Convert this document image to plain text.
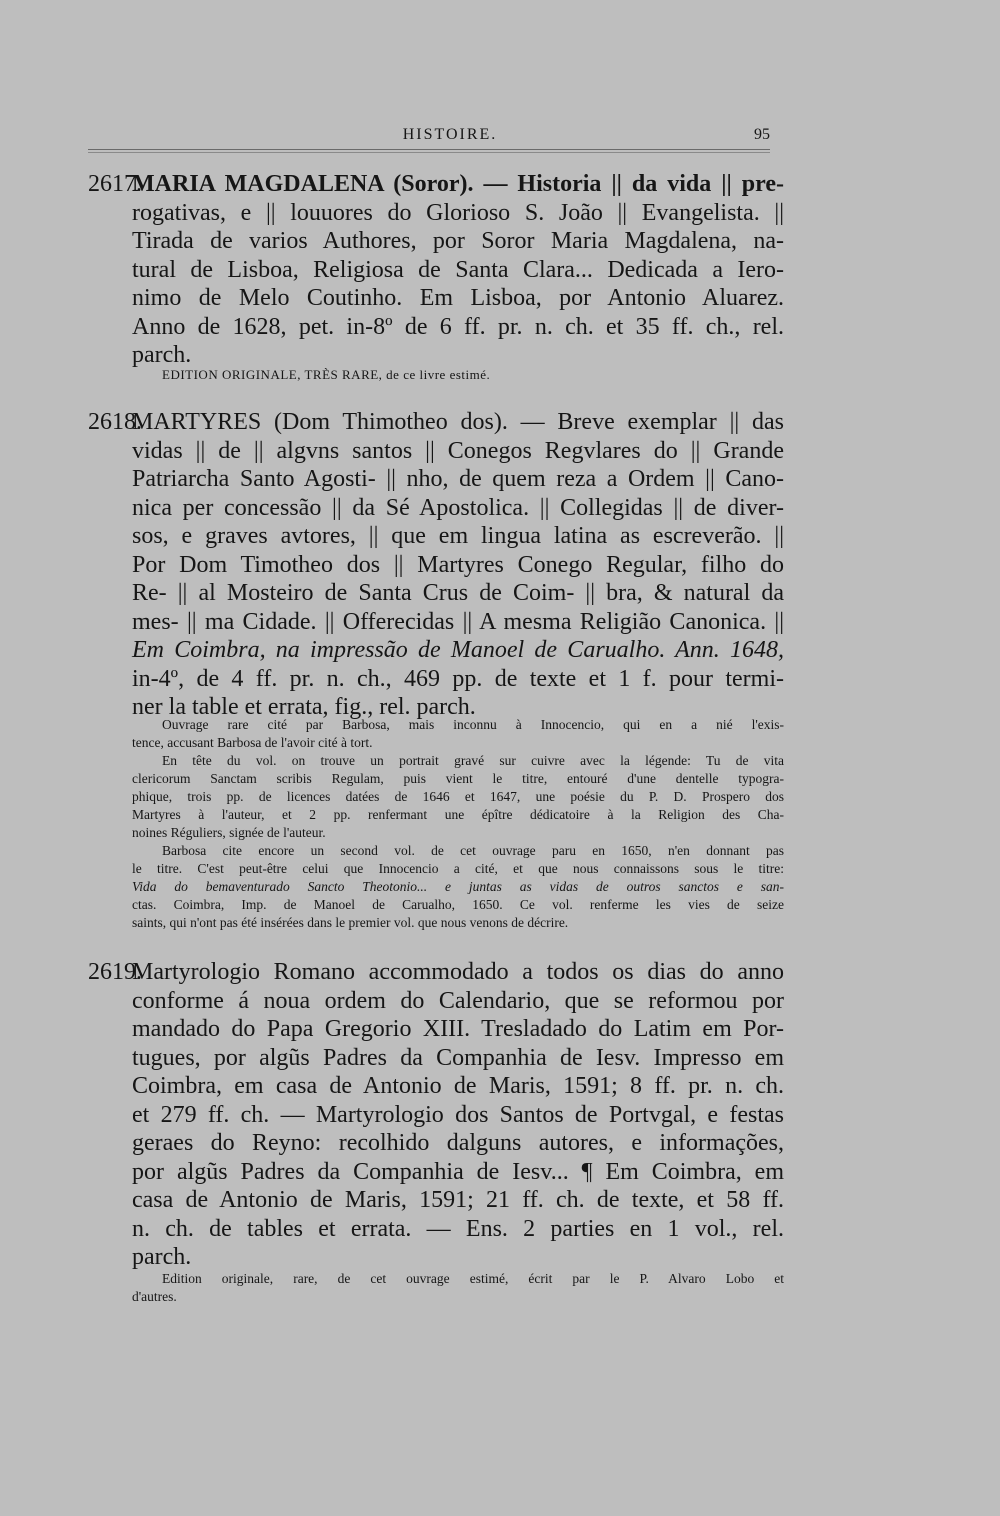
HISTOIRE.	95
2617.
MARIA MAGDALENA (Soror). — Historia || da vida || pre-
rogativas, e || louuores do Glorioso S. João || Evangelista. ||
Tirada de varios Authores, por Soror Maria Magdalena, na-
tural de Lisboa, Religiosa de Santa Clara... Dedicada a Iero-
nimo de Melo Coutinho. Em Lisboa, por Antonio Aluarez.
Anno de 1628, pet. in-8º de 6 ff. pr. n. ch. et 35 ff. ch., rel.
parch.
EDITION ORIGINALE, TRÈS RARE, de ce livre estimé.
2618.
MARTYRES (Dom Thimotheo dos). — Breve exemplar || das
vidas || de || algvns santos || Conegos Regvlares do || Grande
Patriarcha Santo Agosti- || nho, de quem reza a Ordem || Cano-
nica per concessão || da Sé Apostolica. || Collegidas || de diver-
sos, e graves avtores, || que em lingua latina as escreverão. ||
Por Dom Timotheo dos || Martyres Conego Regular, filho do
Re- || al Mosteiro de Santa Crus de Coim- || bra, & natural da
mes- || ma Cidade. || Offerecidas || A mesma Religião Canonica. ||
Em Coimbra, na impressão de Manoel de Carualho. Ann. 1648,
in-4º, de 4 ff. pr. n. ch., 469 pp. de texte et 1 f. pour termi-
ner la table et errata, fig., rel. parch.
Ouvrage rare cité par Barbosa, mais inconnu à Innocencio, qui en a nié l'exis-
tence, accusant Barbosa de l'avoir cité à tort.
En tête du vol. on trouve un portrait gravé sur cuivre avec la légende: Tu de vita
clericorum Sanctam scribis Regulam, puis vient le titre, entouré d'une dentelle typogra-
phique, trois pp. de licences datées de 1646 et 1647, une poésie du P. D. Prospero dos
Martyres à l'auteur, et 2 pp. renfermant une épître dédicatoire à la Religion des Cha-
noines Réguliers, signée de l'auteur.
Barbosa cite encore un second vol. de cet ouvrage paru en 1650, n'en donnant pas
le titre. C'est peut-être celui que Innocencio a cité, et que nous connaissons sous le titre:
Vida do bemaventurado Sancto Theotonio... e juntas as vidas de outros sanctos e san-
ctas. Coimbra, Imp. de Manoel de Carualho, 1650. Ce vol. renferme les vies de seize
saints, qui n'ont pas été insérées dans le premier vol. que nous venons de décrire.
2619.
Martyrologio Romano accommodado a todos os dias do anno
conforme á noua ordem do Calendario, que se reformou por
mandado do Papa Gregorio XIII. Tresladado do Latim em Por-
tugues, por algũs Padres da Companhia de Iesv. Impresso em
Coimbra, em casa de Antonio de Maris, 1591; 8 ff. pr. n. ch.
et 279 ff. ch. — Martyrologio dos Santos de Portvgal, e festas
geraes do Reyno: recolhido dalguns autores, e informações,
por algũs Padres da Companhia de Iesv... ¶ Em Coimbra, em
casa de Antonio de Maris, 1591; 21 ff. ch. de texte, et 58 ff.
n. ch. de tables et errata. — Ens. 2 parties en 1 vol., rel.
parch.
Edition originale, rare, de cet ouvrage estimé, écrit par le P. Alvaro Lobo et
d'autres.
